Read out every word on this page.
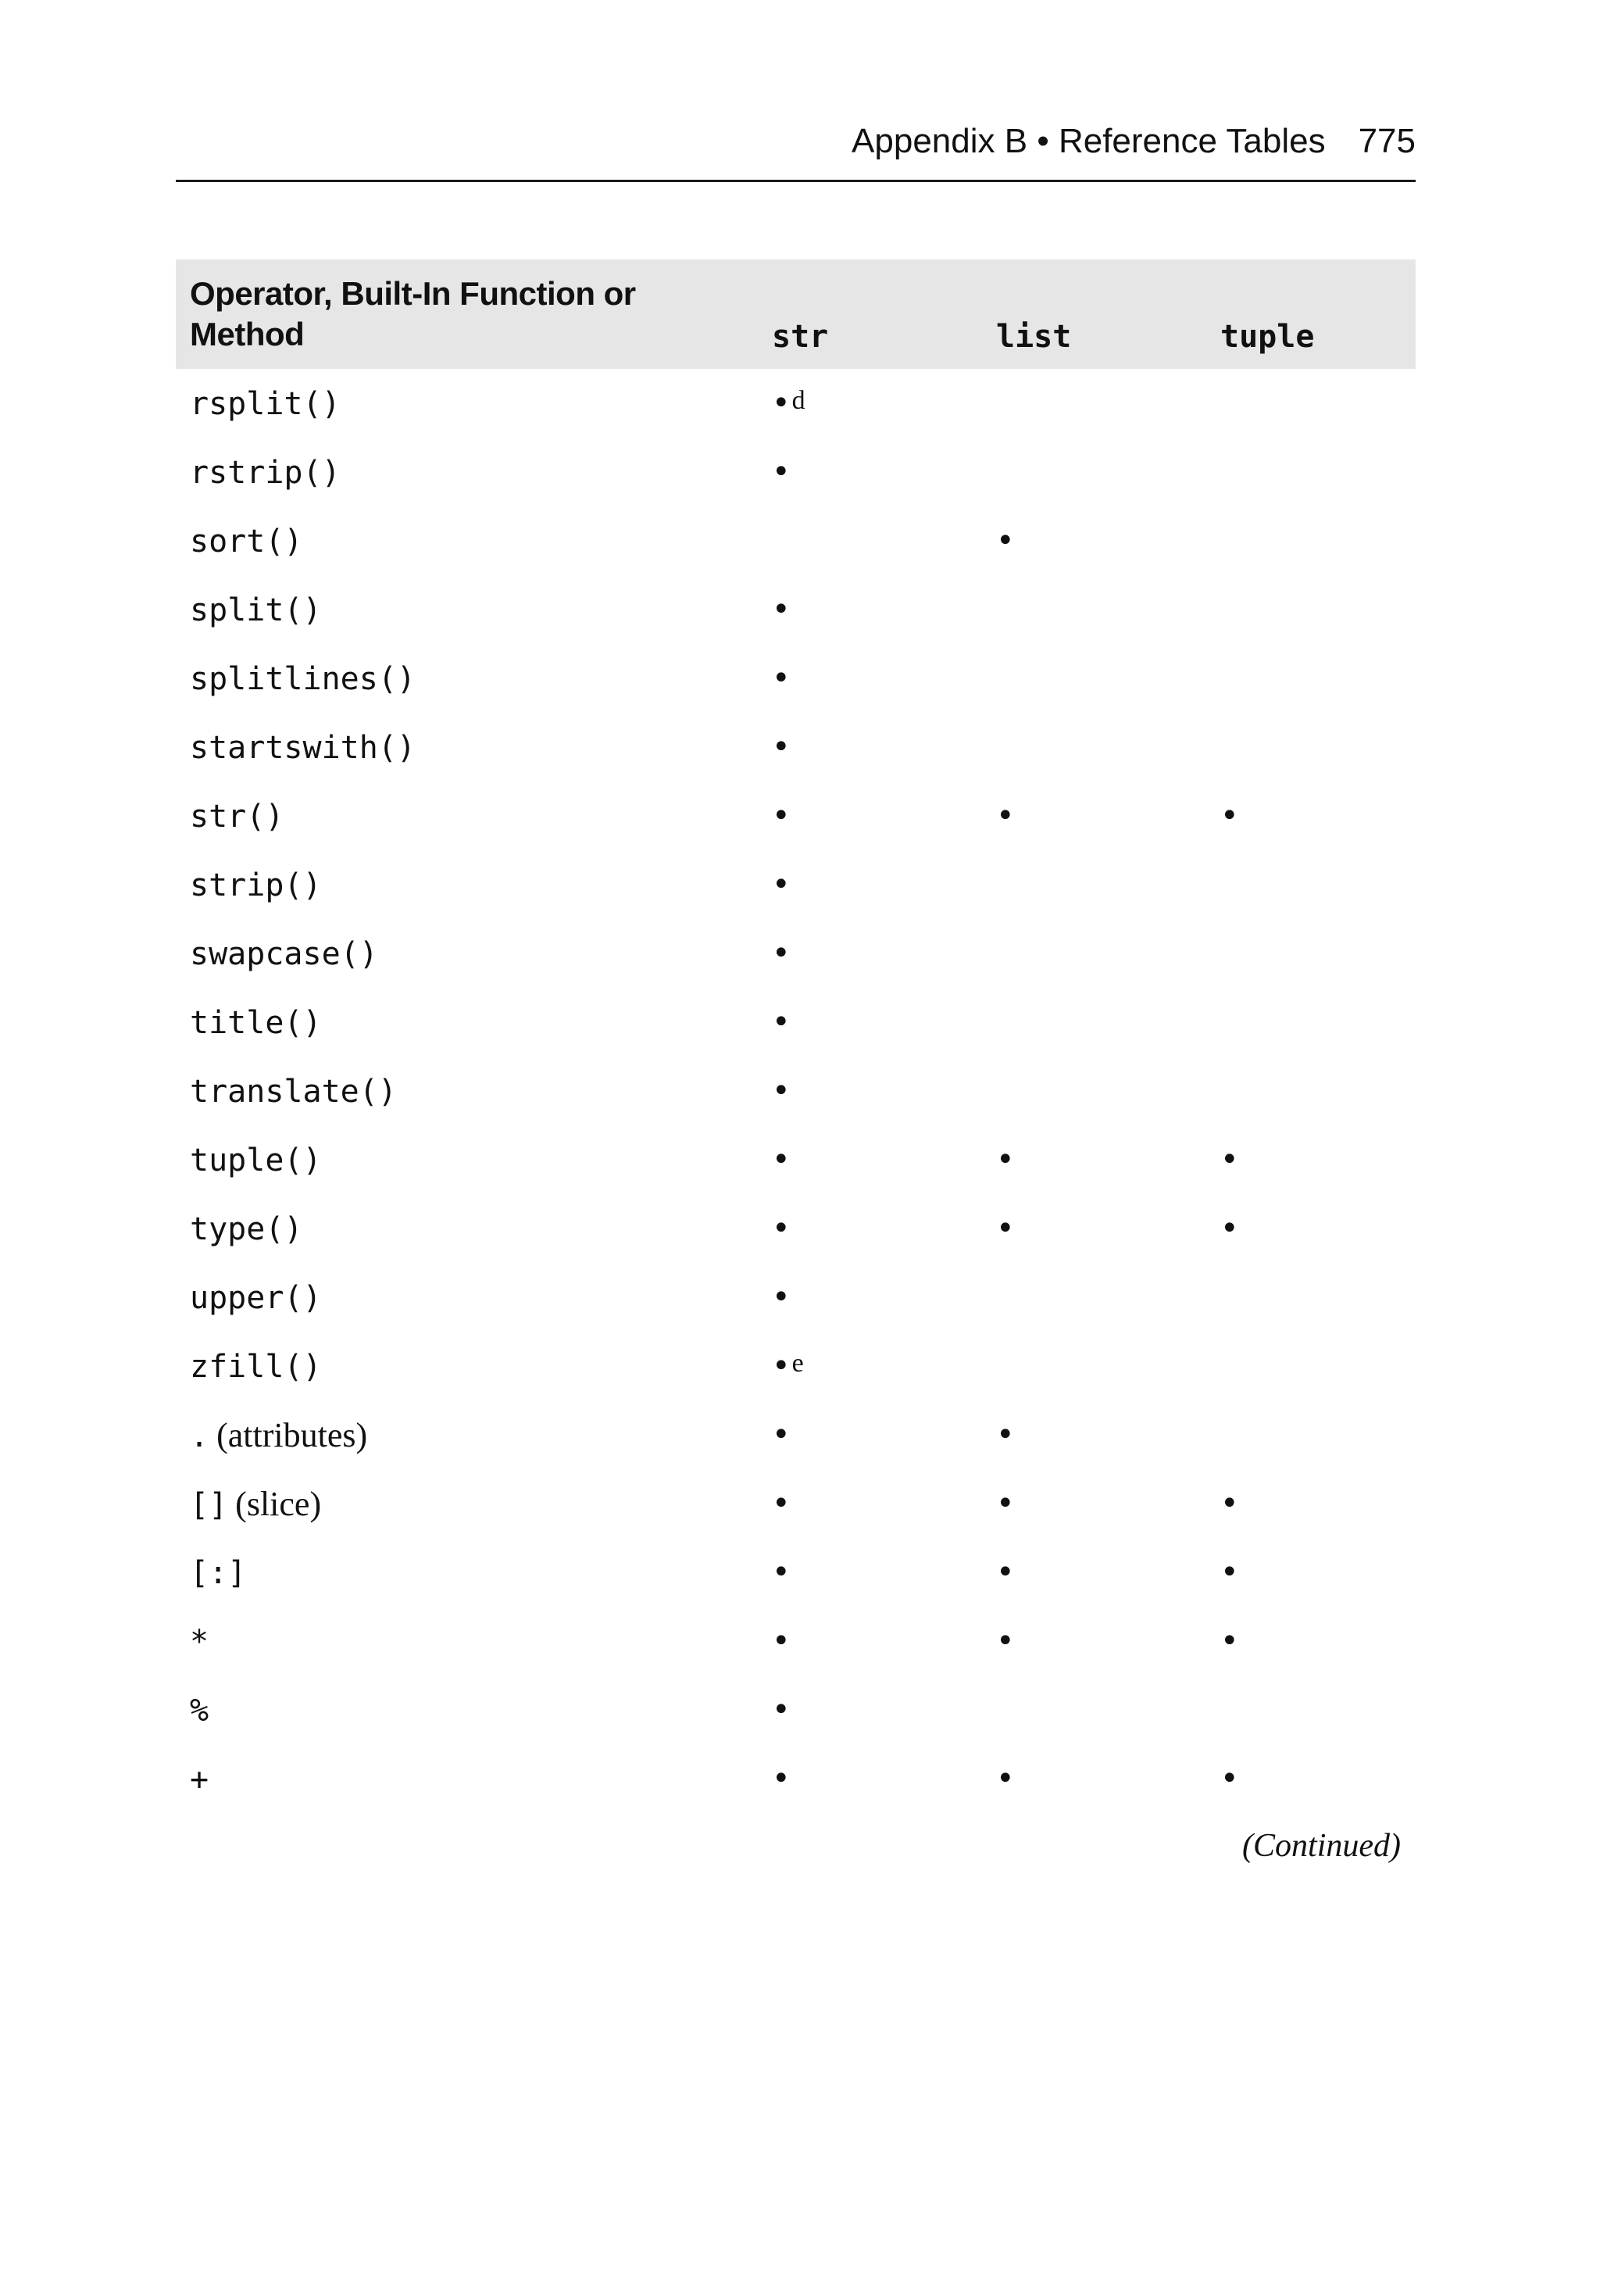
Appendix B • Reference Tables 775
Operator, Built-In Function or Method	str	list	tuple
rsplit()	•d		
rstrip()	•		
sort()		•	
split()	•		
splitlines()	•		
startswith()	•		
str()	•	•	•
strip()	•		
swapcase()	•		
title()	•		
translate()	•		
tuple()	•	•	•
type()	•	•	•
upper()	•		
zfill()	•e		
. (attributes)	•	•	
[] (slice)	•	•	•
[:]	•	•	•
*	•	•	•
%	•		
+	•	•	•
(Continued)
